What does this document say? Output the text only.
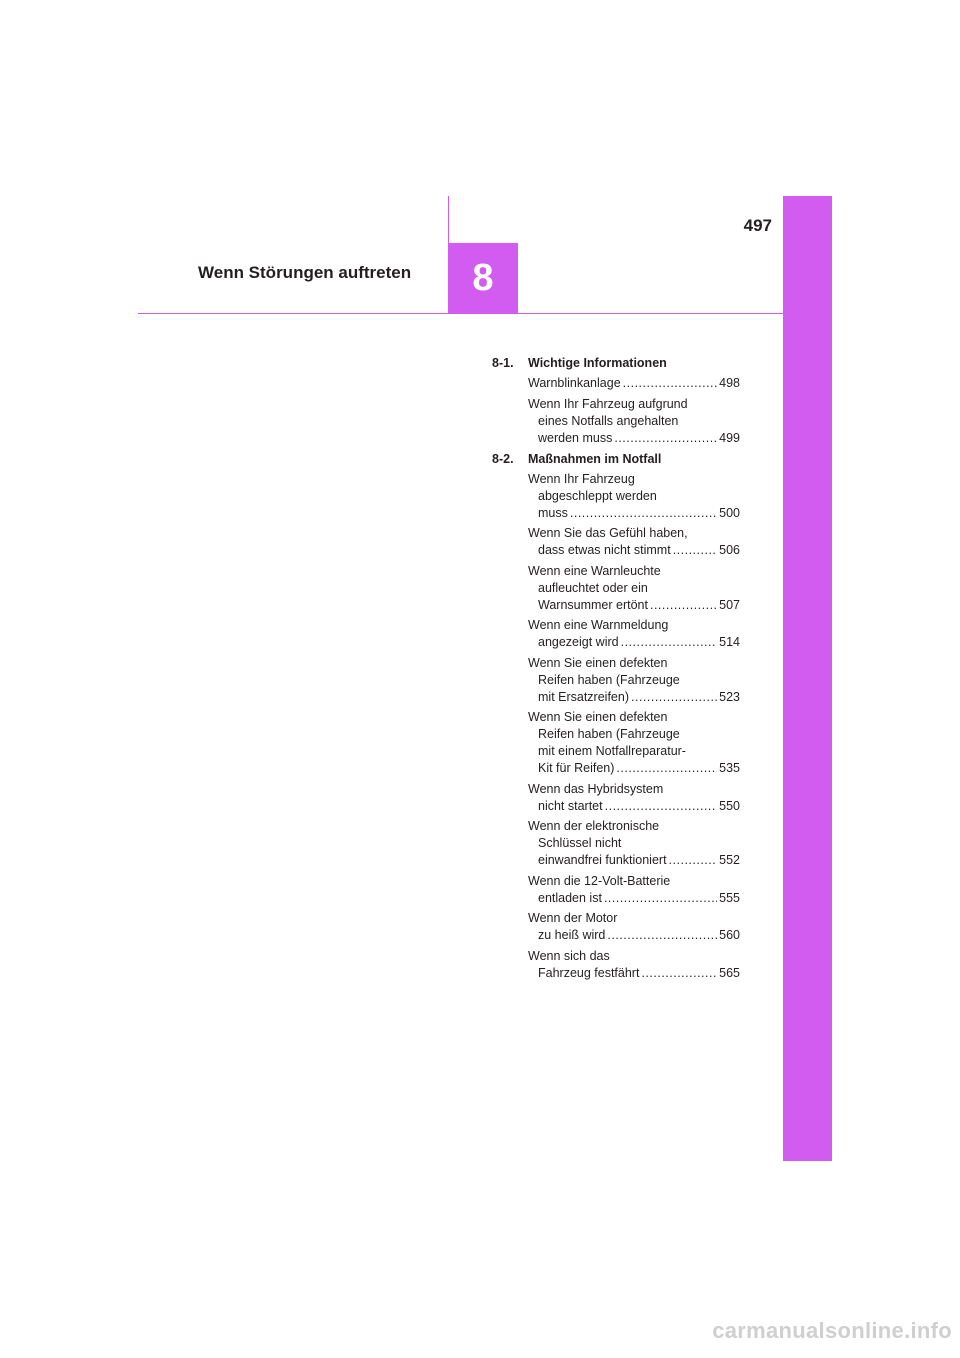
497
8
Wenn Störungen auftreten
8-1.	Wichtige Informationen
Warnblinkanlage .....	498
Wenn Ihr Fahrzeug aufgrund
eines Notfalls angehalten
werden muss .....	499
8-2.	Maßnahmen im Notfall
Wenn Ihr Fahrzeug
abgeschleppt werden
muss .....	500
Wenn Sie das Gefühl haben,
dass etwas nicht stimmt .....	506
Wenn eine Warnleuchte
aufleuchtet oder ein
Warnsummer ertönt .....	507
Wenn eine Warnmeldung
angezeigt wird .....	514
Wenn Sie einen defekten
Reifen haben (Fahrzeuge
mit Ersatzreifen) .....	523
Wenn Sie einen defekten
Reifen haben (Fahrzeuge
mit einem Notfallreparatur-
Kit für Reifen) .....	535
Wenn das Hybridsystem
nicht startet .....	550
Wenn der elektronische
Schlüssel nicht
einwandfrei funktioniert .....	552
Wenn die 12-Volt-Batterie
entladen ist .....	555
Wenn der Motor
zu heiß wird .....	560
Wenn sich das
Fahrzeug festfährt .....	565
carmanualsonline.info
